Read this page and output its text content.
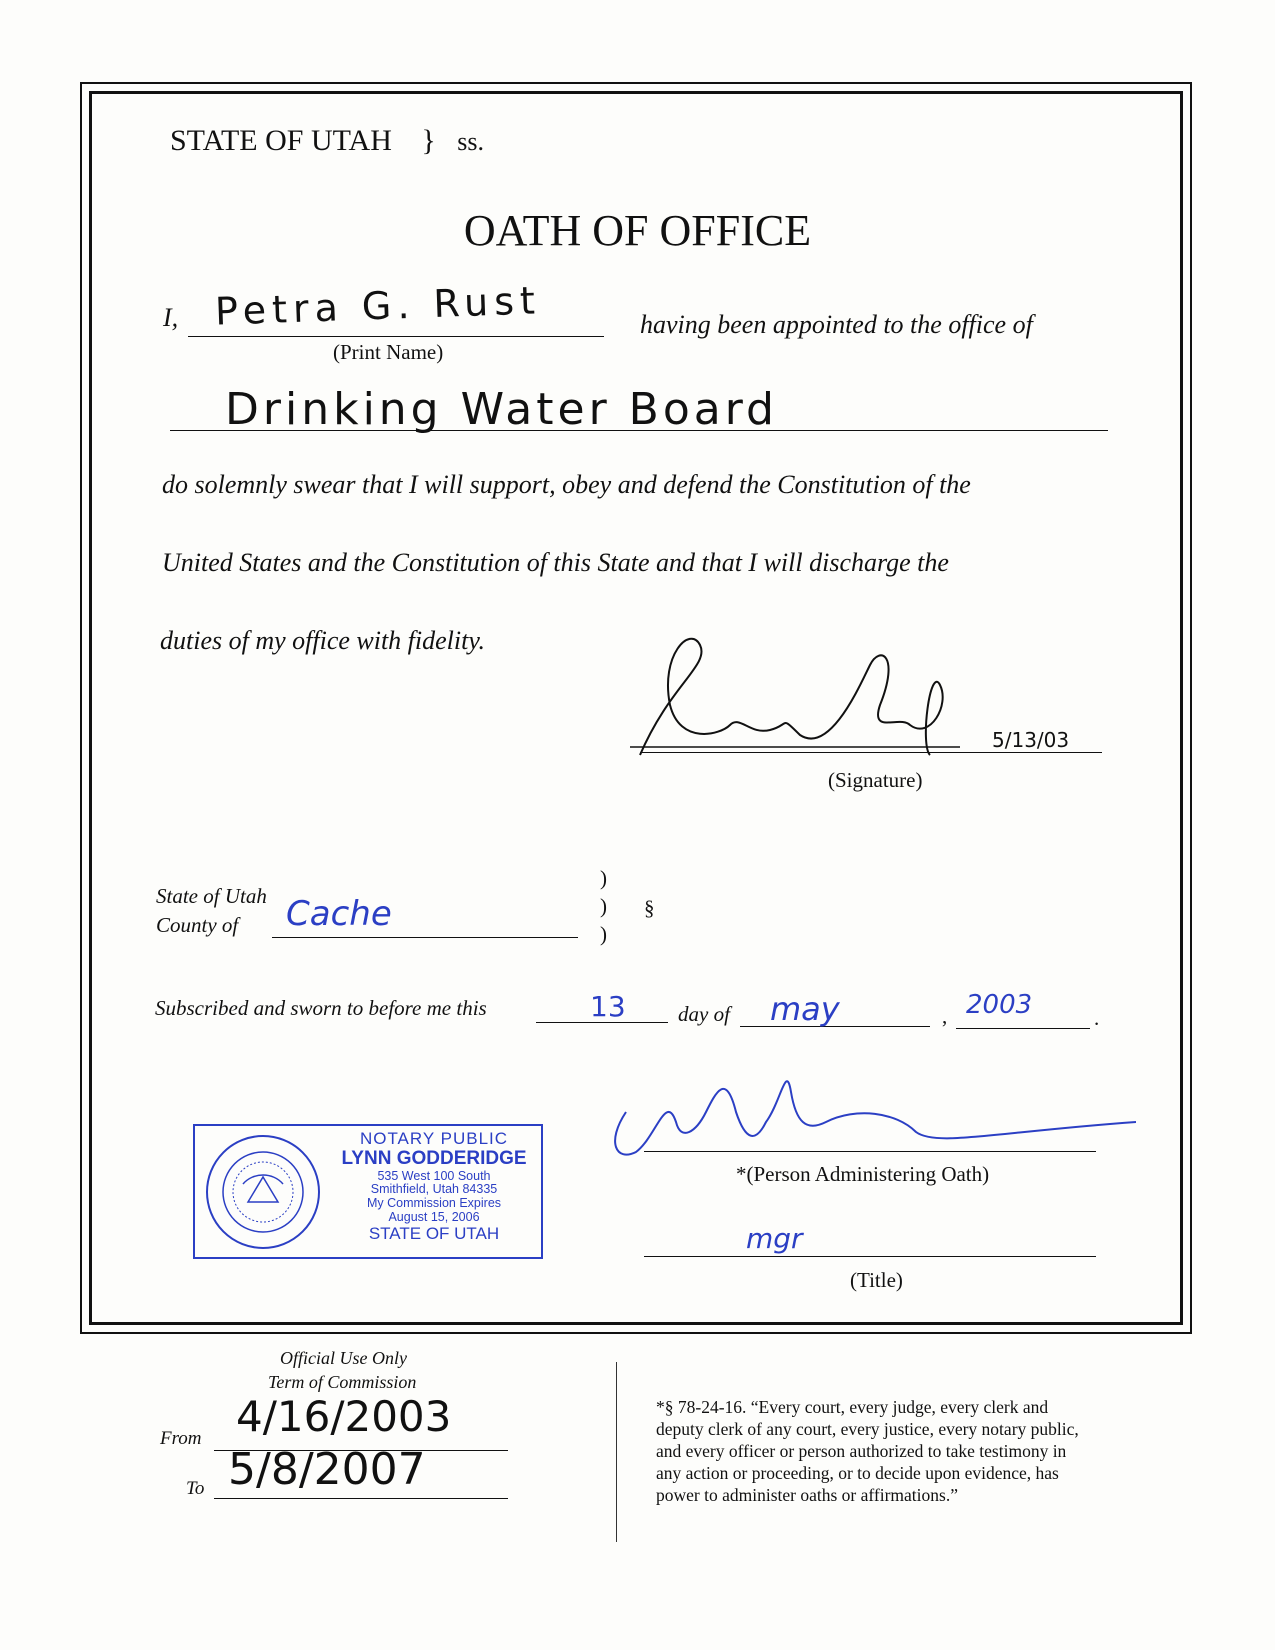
STATE OF UTAH } ss.
OATH OF OFFICE
I, Petra G. Rust
(Print Name)
having been appointed to the office of
Drinking Water Board
do solemnly swear that I will support, obey and defend the Constitution of the
United States and the Constitution of this State and that I will discharge the
duties of my office with fidelity.
5/13/03
(Signature)
State of Utah
County of Cache
)
)
)
§
Subscribed and sworn to before me this	13 day of may	, 2003	.
NOTARY PUBLIC
LYNN GODDERIDGE
535 West 100 South
Smithfield, Utah 84335
My Commission Expires
August 15, 2006
STATE OF UTAH
*(Person Administering Oath)
mgr
(Title)
Official Use Only
Term of Commission
From 4/16/2003
To 5/8/2007
*§ 78-24-16. “Every court, every judge, every clerk and
deputy clerk of any court, every justice, every notary public,
and every officer or person authorized to take testimony in
any action or proceeding, or to decide upon evidence, has
power to administer oaths or affirmations.”
